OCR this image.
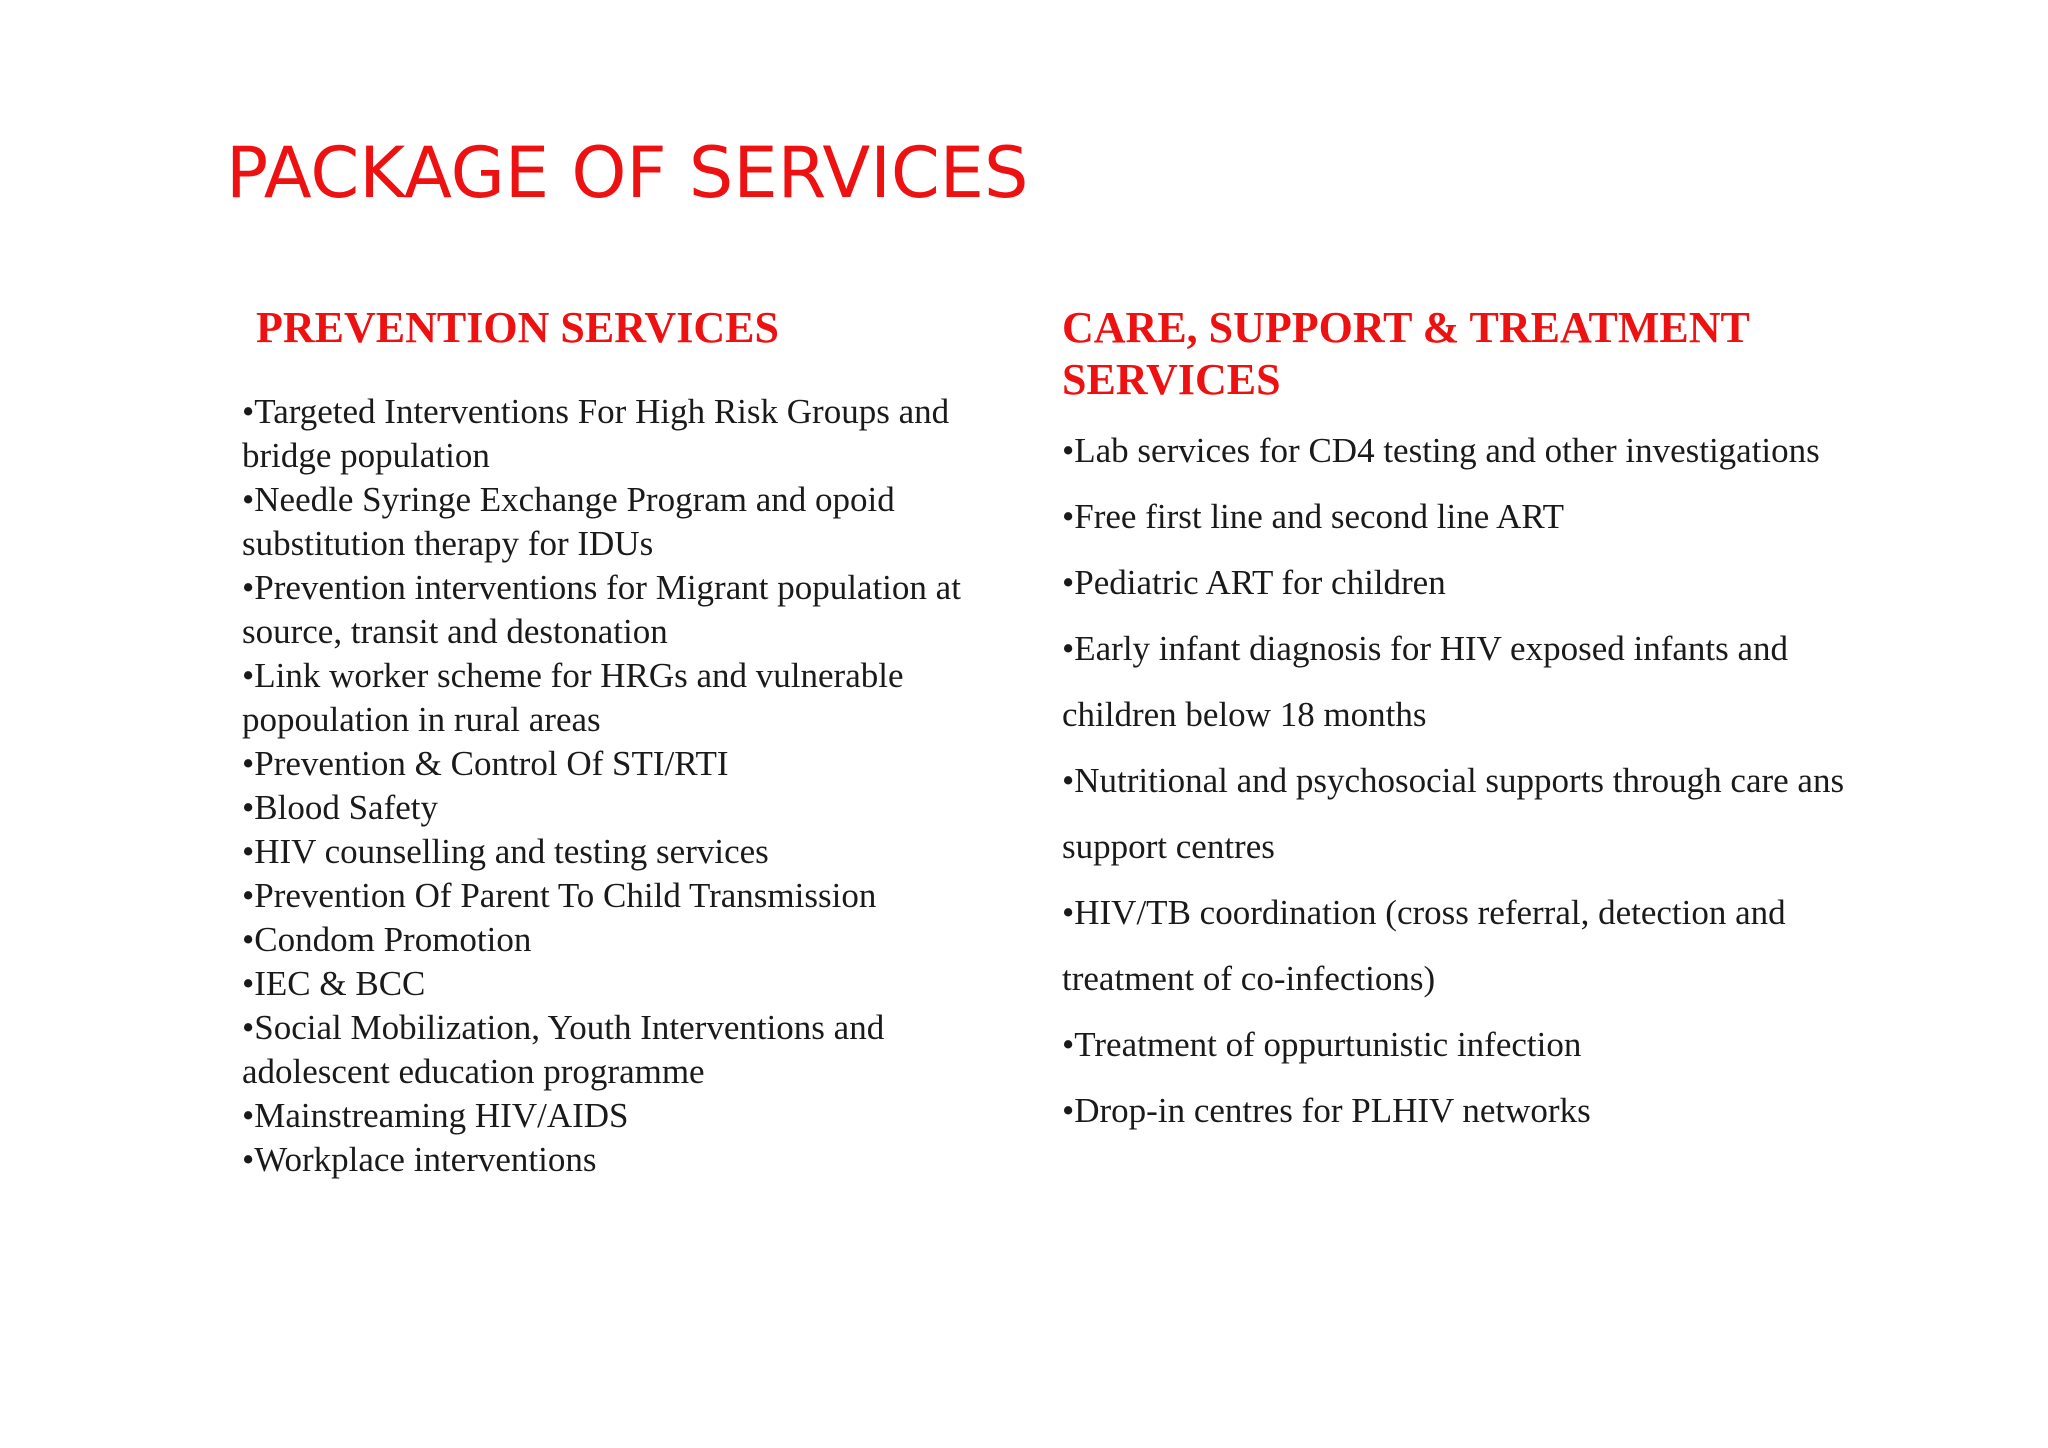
PACKAGE OF SERVICES
PREVENTION SERVICES
•Targeted Interventions For High Risk Groups and bridge population
•Needle Syringe Exchange Program and opoid substitution therapy for IDUs
•Prevention interventions for Migrant population at source, transit and destonation
•Link worker scheme for HRGs and vulnerable popoulation in rural areas
•Prevention & Control Of STI/RTI
•Blood Safety
•HIV counselling and testing services
•Prevention Of Parent To Child Transmission
•Condom Promotion
•IEC & BCC
•Social Mobilization, Youth Interventions and adolescent education programme
•Mainstreaming HIV/AIDS
•Workplace interventions
CARE, SUPPORT & TREATMENT SERVICES
•Lab services for CD4 testing and other investigations
•Free first line and second line ART
•Pediatric ART for children
•Early infant diagnosis for HIV exposed infants and children below 18 months
•Nutritional and psychosocial supports through care ans support centres
•HIV/TB coordination (cross referral, detection and treatment of co-infections)
•Treatment of oppurtunistic infection
•Drop-in centres for PLHIV networks
